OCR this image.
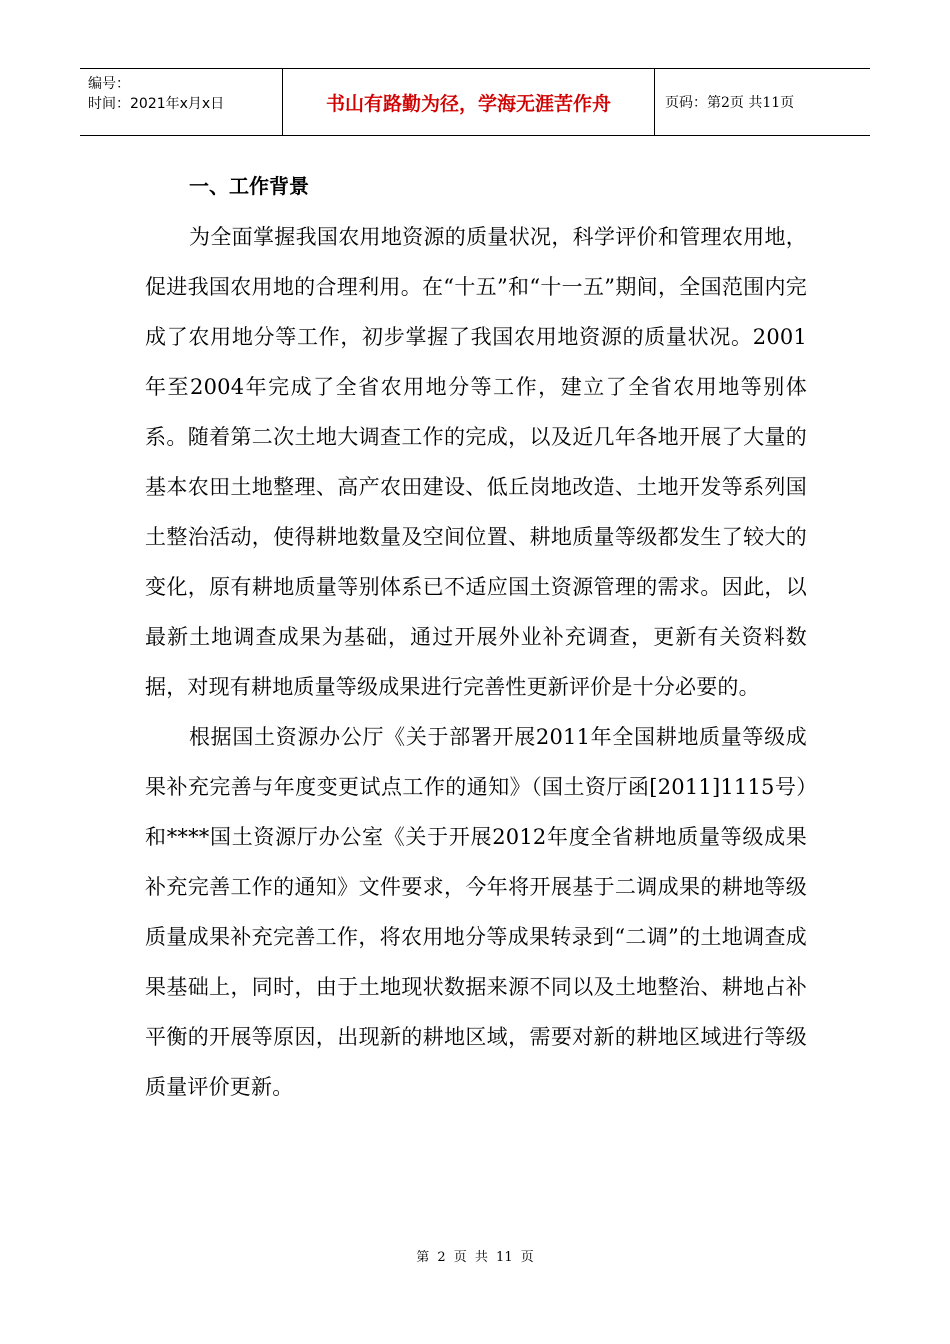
编号：
时间：2021年x月x日	书山有路勤为径，学海无涯苦作舟	页码：第2页 共11页
一、工作背景

为全面掌握我国农用地资源的质量状况，科学评价和管理农用地，促进我国农用地的合理利用。在“十五”和“十一五”期间，全国范围内完成了农用地分等工作，初步掌握了我国农用地资源的质量状况。2001年至2004年完成了全省农用地分等工作，建立了全省农用地等别体系。随着第二次土地大调查工作的完成，以及近几年各地开展了大量的基本农田土地整理、高产农田建设、低丘岗地改造、土地开发等系列国土整治活动，使得耕地数量及空间位置、耕地质量等级都发生了较大的变化，原有耕地质量等别体系已不适应国土资源管理的需求。因此，以最新土地调查成果为基础，通过开展外业补充调查，更新有关资料数据，对现有耕地质量等级成果进行完善性更新评价是十分必要的。

根据国土资源办公厅《关于部署开展2011年全国耕地质量等级成果补充完善与年度变更试点工作的通知》（国土资厅函[2011]1115号）和****国土资源厅办公室《关于开展2012年度全省耕地质量等级成果补充完善工作的通知》文件要求，今年将开展基于二调成果的耕地等级质量成果补充完善工作，将农用地分等成果转录到“二调”的土地调查成果基础上，同时，由于土地现状数据来源不同以及土地整治、耕地占补平衡的开展等原因，出现新的耕地区域，需要对新的耕地区域进行等级质量评价更新。

第 2 页 共 11 页
